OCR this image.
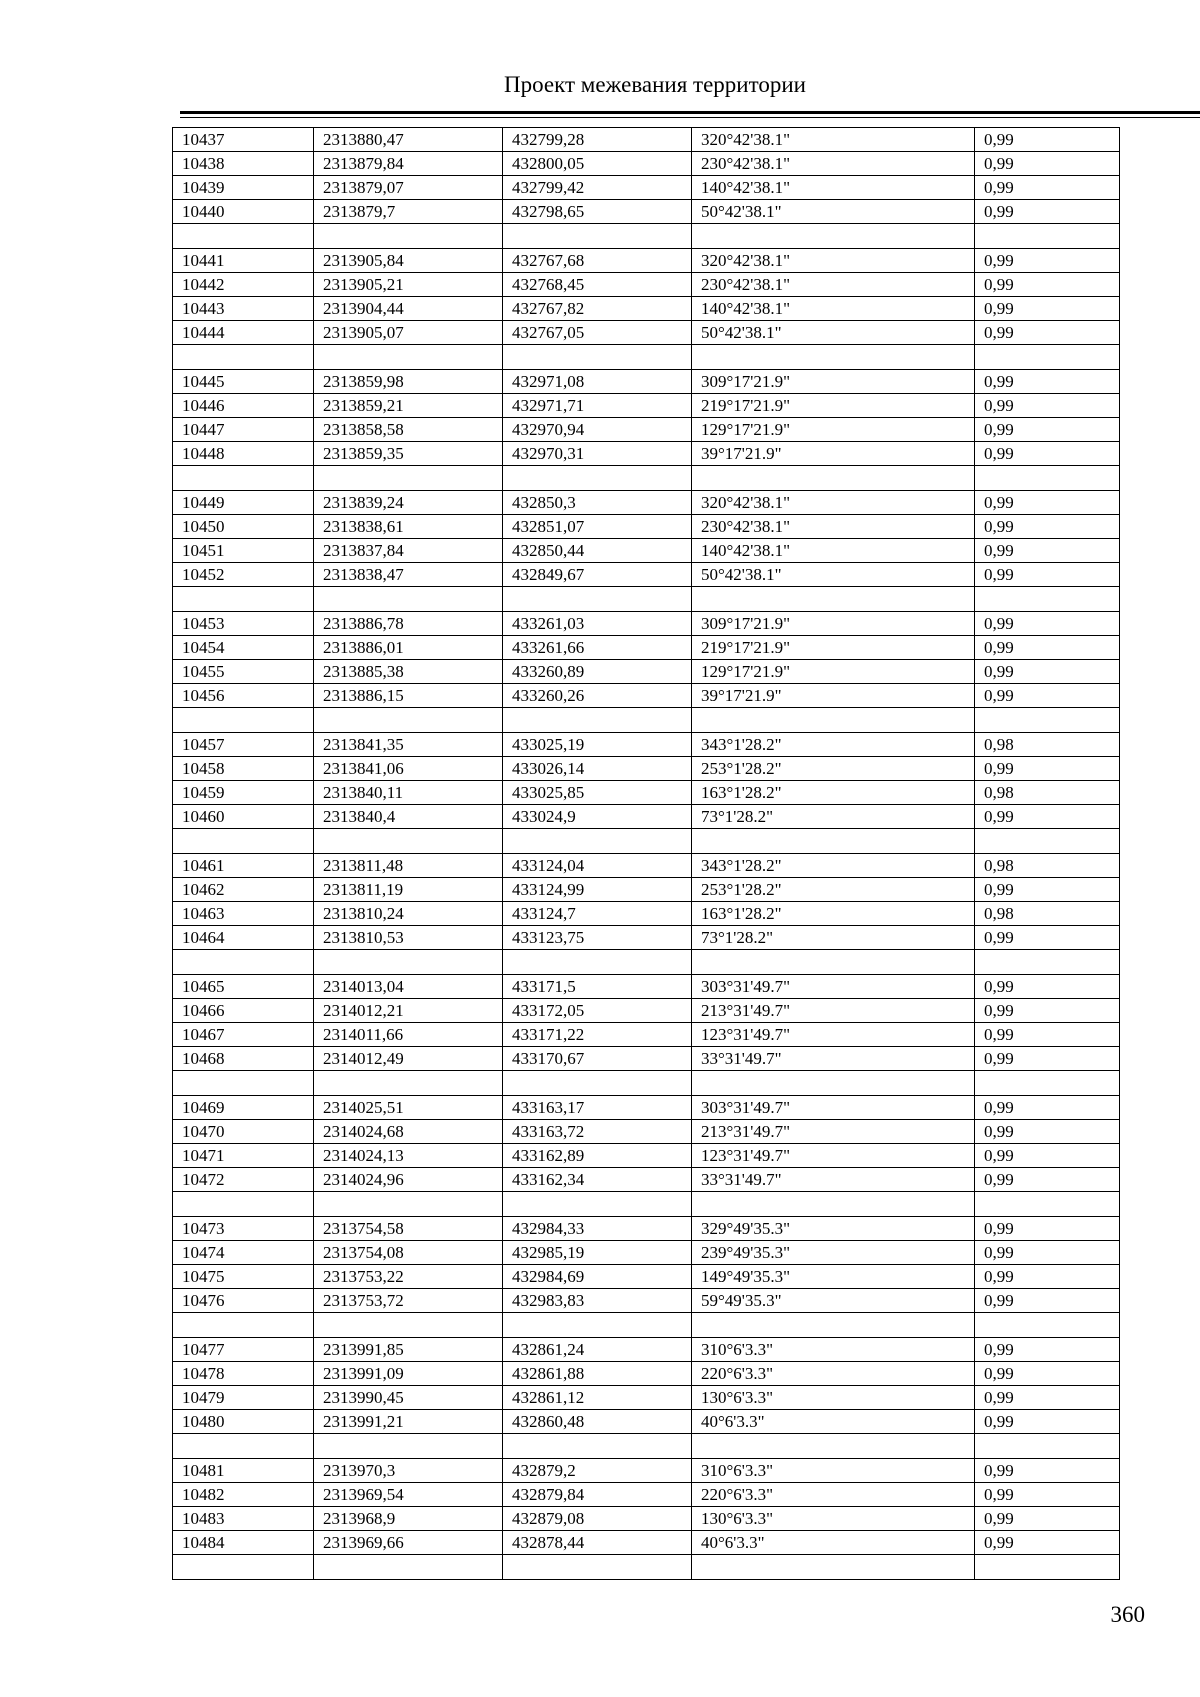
Проект межевания территории
10437	2313880,47	432799,28	320°42'38.1"	0,99
10438	2313879,84	432800,05	230°42'38.1"	0,99
10439	2313879,07	432799,42	140°42'38.1"	0,99
10440	2313879,7	432798,65	50°42'38.1"	0,99

10441	2313905,84	432767,68	320°42'38.1"	0,99
10442	2313905,21	432768,45	230°42'38.1"	0,99
10443	2313904,44	432767,82	140°42'38.1"	0,99
10444	2313905,07	432767,05	50°42'38.1"	0,99

10445	2313859,98	432971,08	309°17'21.9"	0,99
10446	2313859,21	432971,71	219°17'21.9"	0,99
10447	2313858,58	432970,94	129°17'21.9"	0,99
10448	2313859,35	432970,31	39°17'21.9"	0,99

10449	2313839,24	432850,3	320°42'38.1"	0,99
10450	2313838,61	432851,07	230°42'38.1"	0,99
10451	2313837,84	432850,44	140°42'38.1"	0,99
10452	2313838,47	432849,67	50°42'38.1"	0,99

10453	2313886,78	433261,03	309°17'21.9"	0,99
10454	2313886,01	433261,66	219°17'21.9"	0,99
10455	2313885,38	433260,89	129°17'21.9"	0,99
10456	2313886,15	433260,26	39°17'21.9"	0,99

10457	2313841,35	433025,19	343°1'28.2"	0,98
10458	2313841,06	433026,14	253°1'28.2"	0,99
10459	2313840,11	433025,85	163°1'28.2"	0,98
10460	2313840,4	433024,9	73°1'28.2"	0,99

10461	2313811,48	433124,04	343°1'28.2"	0,98
10462	2313811,19	433124,99	253°1'28.2"	0,99
10463	2313810,24	433124,7	163°1'28.2"	0,98
10464	2313810,53	433123,75	73°1'28.2"	0,99

10465	2314013,04	433171,5	303°31'49.7"	0,99
10466	2314012,21	433172,05	213°31'49.7"	0,99
10467	2314011,66	433171,22	123°31'49.7"	0,99
10468	2314012,49	433170,67	33°31'49.7"	0,99

10469	2314025,51	433163,17	303°31'49.7"	0,99
10470	2314024,68	433163,72	213°31'49.7"	0,99
10471	2314024,13	433162,89	123°31'49.7"	0,99
10472	2314024,96	433162,34	33°31'49.7"	0,99

10473	2313754,58	432984,33	329°49'35.3"	0,99
10474	2313754,08	432985,19	239°49'35.3"	0,99
10475	2313753,22	432984,69	149°49'35.3"	0,99
10476	2313753,72	432983,83	59°49'35.3"	0,99

10477	2313991,85	432861,24	310°6'3.3"	0,99
10478	2313991,09	432861,88	220°6'3.3"	0,99
10479	2313990,45	432861,12	130°6'3.3"	0,99
10480	2313991,21	432860,48	40°6'3.3"	0,99

10481	2313970,3	432879,2	310°6'3.3"	0,99
10482	2313969,54	432879,84	220°6'3.3"	0,99
10483	2313968,9	432879,08	130°6'3.3"	0,99
10484	2313969,66	432878,44	40°6'3.3"	0,99

360
